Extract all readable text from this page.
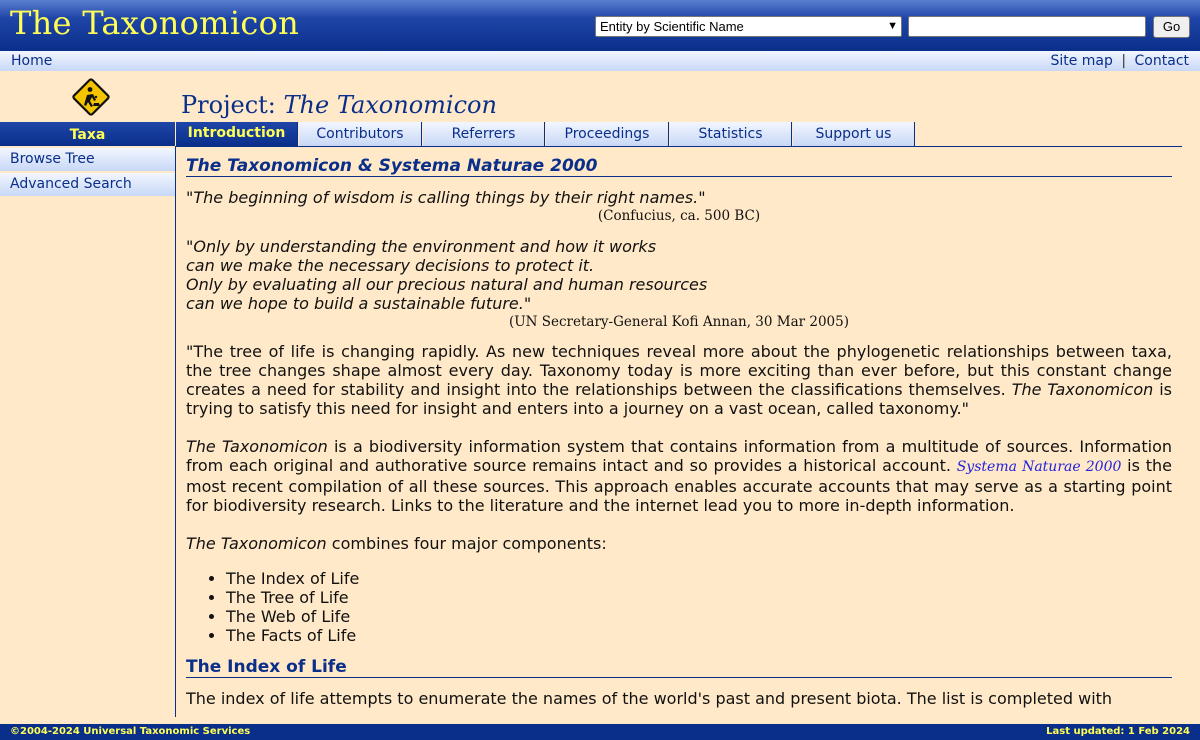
The Taxonomicon	Entity by Scientific Name	▼	Go
Home	Site map | Contact
Taxa
Browse Tree
Advanced Search
Project: The Taxonomicon
Introduction	Contributors	Referrers	Proceedings	Statistics	Support us
The Taxonomicon & Systema Naturae 2000
"The beginning of wisdom is calling things by their right names."
(Confucius, ca. 500 BC)
"Only by understanding the environment and how it works
can we make the necessary decisions to protect it.
Only by evaluating all our precious natural and human resources
can we hope to build a sustainable future."
(UN Secretary-General Kofi Annan, 30 Mar 2005)

"The tree of life is changing rapidly. As new techniques reveal more about the phylogenetic relationships between taxa, the tree changes shape almost every day. Taxonomy today is more exciting than ever before, but this constant change creates a need for stability and insight into the relationships between the classifications themselves. The Taxonomicon is trying to satisfy this need for insight and enters into a journey on a vast ocean, called taxonomy."

The Taxonomicon is a biodiversity information system that contains information from a multitude of sources. Information from each original and authorative source remains intact and so provides a historical account. Systema Naturae 2000 is the most recent compilation of all these sources. This approach enables accurate accounts that may serve as a starting point for biodiversity research. Links to the literature and the internet lead you to more in-depth information.

The Taxonomicon combines four major components:

• The Index of Life
• The Tree of Life
• The Web of Life
• The Facts of Life
The Index of Life

The index of life attempts to enumerate the names of the world's past and present biota. The list is completed with

©2004-2024 Universal Taxonomic Services	Last updated: 1 Feb 2024
